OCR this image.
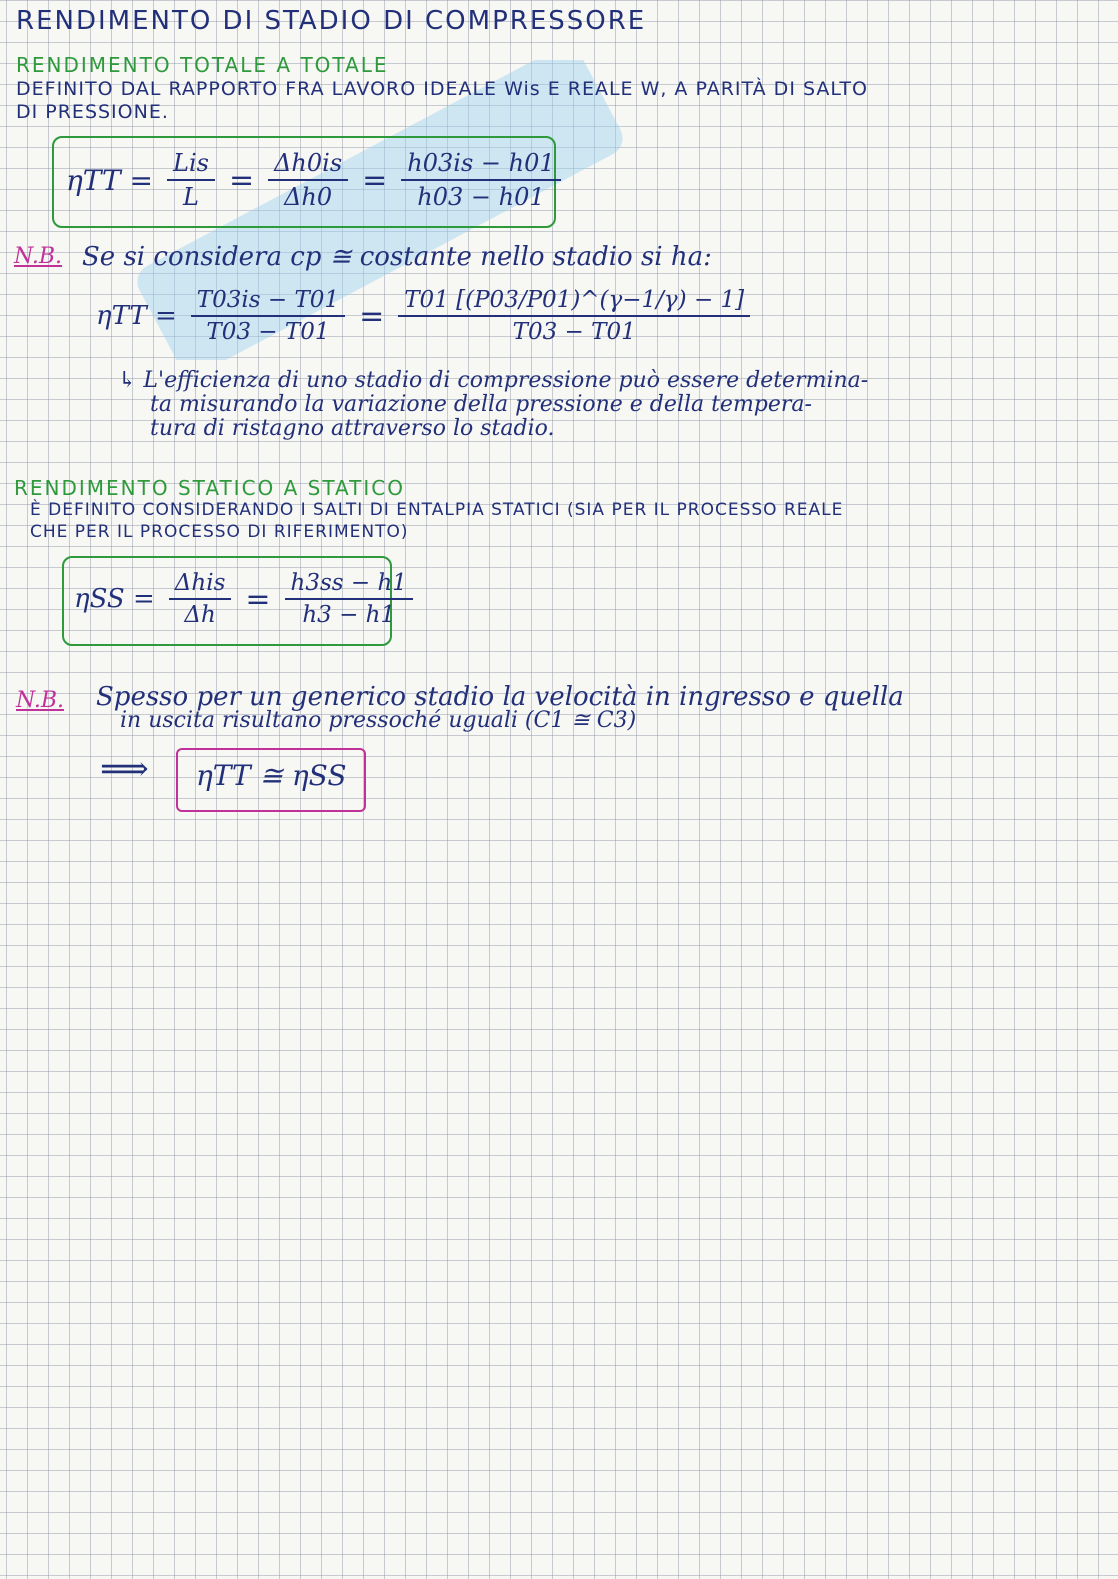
RENDIMENTO DI STADIO DI COMPRESSORE
RENDIMENTO TOTALE A TOTALE
DEFINITO DAL RAPPORTO FRA LAVORO IDEALE Wis E REALE W, A PARITÀ DI SALTO
DI PRESSIONE.
$\eta TT = \frac{\text{Lis}}{L} = \frac{\Delta h0is}{\Delta h0} = \frac{h03is - h01}{h03 - h01}$
N.B. Se si considera cp ≅ costante nello stadio si ha:
$\eta TT = \frac{T03is - T01}{T03 - T01} = \frac{T01 [(P03/P01)\^{}(\gamma-1/\gamma) - 1]}{T03 - T01}$
↳ L'efficienza di uno stadio di compressione può essere determina-
ta misurando la variazione della pressione e della tempera-
tura di ristagno attraverso lo stadio.
RENDIMENTO STATICO A STATICO
È DEFINITO CONSIDERANDO I SALTI DI ENTALPIA STATICI (SIA PER IL PROCESSO REALE
CHE PER IL PROCESSO DI RIFERIMENTO)
$\eta SS = \frac{\text{Δhis}}{\Delta h} = \frac{h3ss - h1}{h3 - h1}$
N.B. Spesso per un generico stadio la velocità in ingresso e quella
in uscita risultano pressoché uguali (C1 ≅ C3)
⟹ ηTT ≅ ηSS
